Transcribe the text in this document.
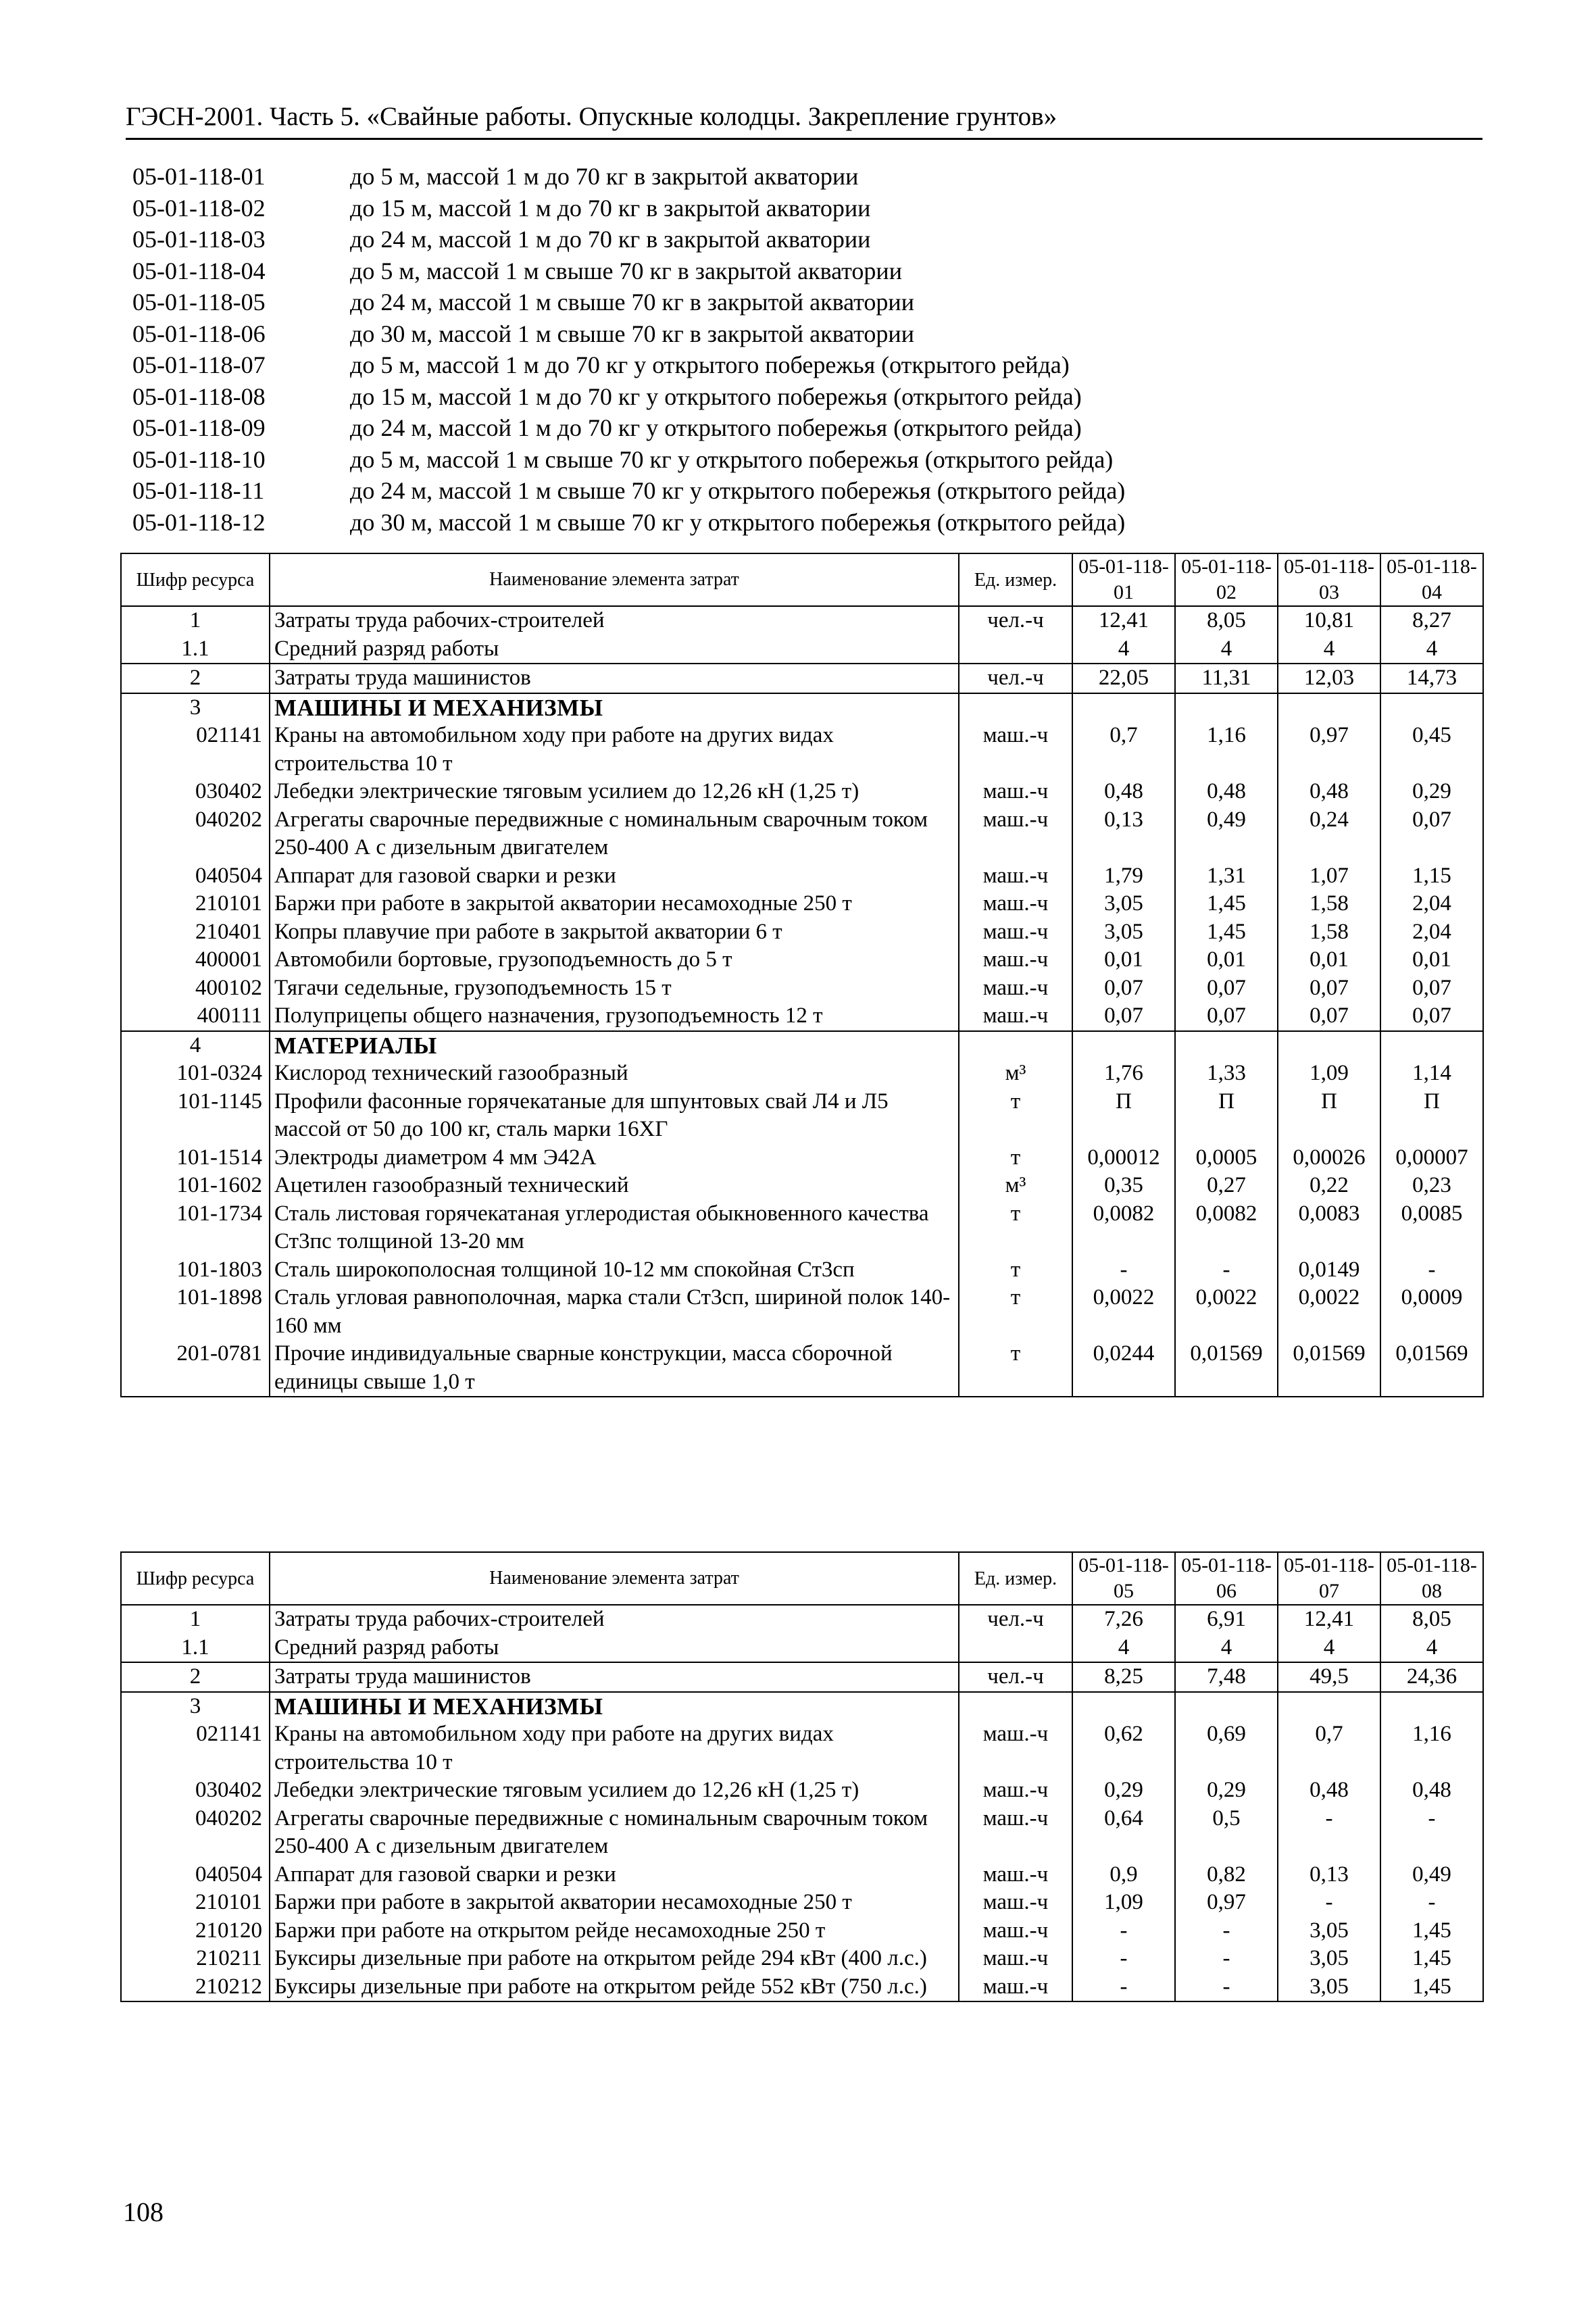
ГЭСН-2001. Часть 5. «Свайные работы. Опускные колодцы. Закрепление грунтов»
05-01-118-01	до 5 м, массой 1 м до 70 кг в закрытой акватории
05-01-118-02	до 15 м, массой 1 м до 70 кг в закрытой акватории
05-01-118-03	до 24 м, массой 1 м до 70 кг в закрытой акватории
05-01-118-04	до 5 м, массой 1 м свыше 70 кг в закрытой акватории
05-01-118-05	до 24 м, массой 1 м свыше 70 кг в закрытой акватории
05-01-118-06	до 30 м, массой 1 м свыше 70 кг в закрытой акватории
05-01-118-07	до 5 м, массой 1 м до 70 кг у открытого побережья (открытого рейда)
05-01-118-08	до 15 м, массой 1 м до 70 кг у открытого побережья (открытого рейда)
05-01-118-09	до 24 м, массой 1 м до 70 кг у открытого побережья (открытого рейда)
05-01-118-10	до 5 м, массой 1 м свыше 70 кг у открытого побережья (открытого рейда)
05-01-118-11	до 24 м, массой 1 м свыше 70 кг у открытого побережья (открытого рейда)
05-01-118-12	до 30 м, массой 1 м свыше 70 кг у открытого побережья (открытого рейда)
Шифр ресурса	Наименование элемента затрат	Ед. измер.	05-01-118-01	05-01-118-02	05-01-118-03	05-01-118-04
1	Затраты труда рабочих-строителей	чел.-ч	12,41	8,05	10,81	8,27
1.1	Средний разряд работы		4	4	4	4
2	Затраты труда машинистов	чел.-ч	22,05	11,31	12,03	14,73
3	МАШИНЫ И МЕХАНИЗМЫ					
021141	Краны на автомобильном ходу при работе на других видах строительства 10 т	маш.-ч	0,7	1,16	0,97	0,45
030402	Лебедки электрические тяговым усилием до 12,26 кН (1,25 т)	маш.-ч	0,48	0,48	0,48	0,29
040202	Агрегаты сварочные передвижные с номинальным сварочным током 250-400 А с дизельным двигателем	маш.-ч	0,13	0,49	0,24	0,07
040504	Аппарат для газовой сварки и резки	маш.-ч	1,79	1,31	1,07	1,15
210101	Баржи при работе в закрытой акватории несамоходные 250 т	маш.-ч	3,05	1,45	1,58	2,04
210401	Копры плавучие при работе в закрытой акватории 6 т	маш.-ч	3,05	1,45	1,58	2,04
400001	Автомобили бортовые, грузоподъемность до 5 т	маш.-ч	0,01	0,01	0,01	0,01
400102	Тягачи седельные, грузоподъемность 15 т	маш.-ч	0,07	0,07	0,07	0,07
400111	Полуприцепы общего назначения, грузоподъемность 12 т	маш.-ч	0,07	0,07	0,07	0,07
4	МАТЕРИАЛЫ					
101-0324	Кислород технический газообразный	м³	1,76	1,33	1,09	1,14
101-1145	Профили фасонные горячекатаные для шпунтовых свай Л4 и Л5 массой от 50 до 100 кг, сталь марки 16ХГ	т	П	П	П	П
101-1514	Электроды диаметром 4 мм Э42А	т	0,00012	0,0005	0,00026	0,00007
101-1602	Ацетилен газообразный технический	м³	0,35	0,27	0,22	0,23
101-1734	Сталь листовая горячекатаная углеродистая обыкновенного качества Ст3пс толщиной 13-20 мм	т	0,0082	0,0082	0,0083	0,0085
101-1803	Сталь широкополосная толщиной 10-12 мм спокойная Ст3сп	т	-	-	0,0149	-
101-1898	Сталь угловая равнополочная, марка стали Ст3сп, шириной полок 140-160 мм	т	0,0022	0,0022	0,0022	0,0009
201-0781	Прочие индивидуальные сварные конструкции, масса сборочной единицы свыше 1,0 т	т	0,0244	0,01569	0,01569	0,01569
Шифр ресурса	Наименование элемента затрат	Ед. измер.	05-01-118-05	05-01-118-06	05-01-118-07	05-01-118-08
1	Затраты труда рабочих-строителей	чел.-ч	7,26	6,91	12,41	8,05
1.1	Средний разряд работы		4	4	4	4
2	Затраты труда машинистов	чел.-ч	8,25	7,48	49,5	24,36
3	МАШИНЫ И МЕХАНИЗМЫ					
021141	Краны на автомобильном ходу при работе на других видах строительства 10 т	маш.-ч	0,62	0,69	0,7	1,16
030402	Лебедки электрические тяговым усилием до 12,26 кН (1,25 т)	маш.-ч	0,29	0,29	0,48	0,48
040202	Агрегаты сварочные передвижные с номинальным сварочным током 250-400 А с дизельным двигателем	маш.-ч	0,64	0,5	-	-
040504	Аппарат для газовой сварки и резки	маш.-ч	0,9	0,82	0,13	0,49
210101	Баржи при работе в закрытой акватории несамоходные 250 т	маш.-ч	1,09	0,97	-	-
210120	Баржи при работе на открытом рейде несамоходные 250 т	маш.-ч	-	-	3,05	1,45
210211	Буксиры дизельные при работе на открытом рейде 294 кВт (400 л.с.)	маш.-ч	-	-	3,05	1,45
210212	Буксиры дизельные при работе на открытом рейде 552 кВт (750 л.с.)	маш.-ч	-	-	3,05	1,45
108
